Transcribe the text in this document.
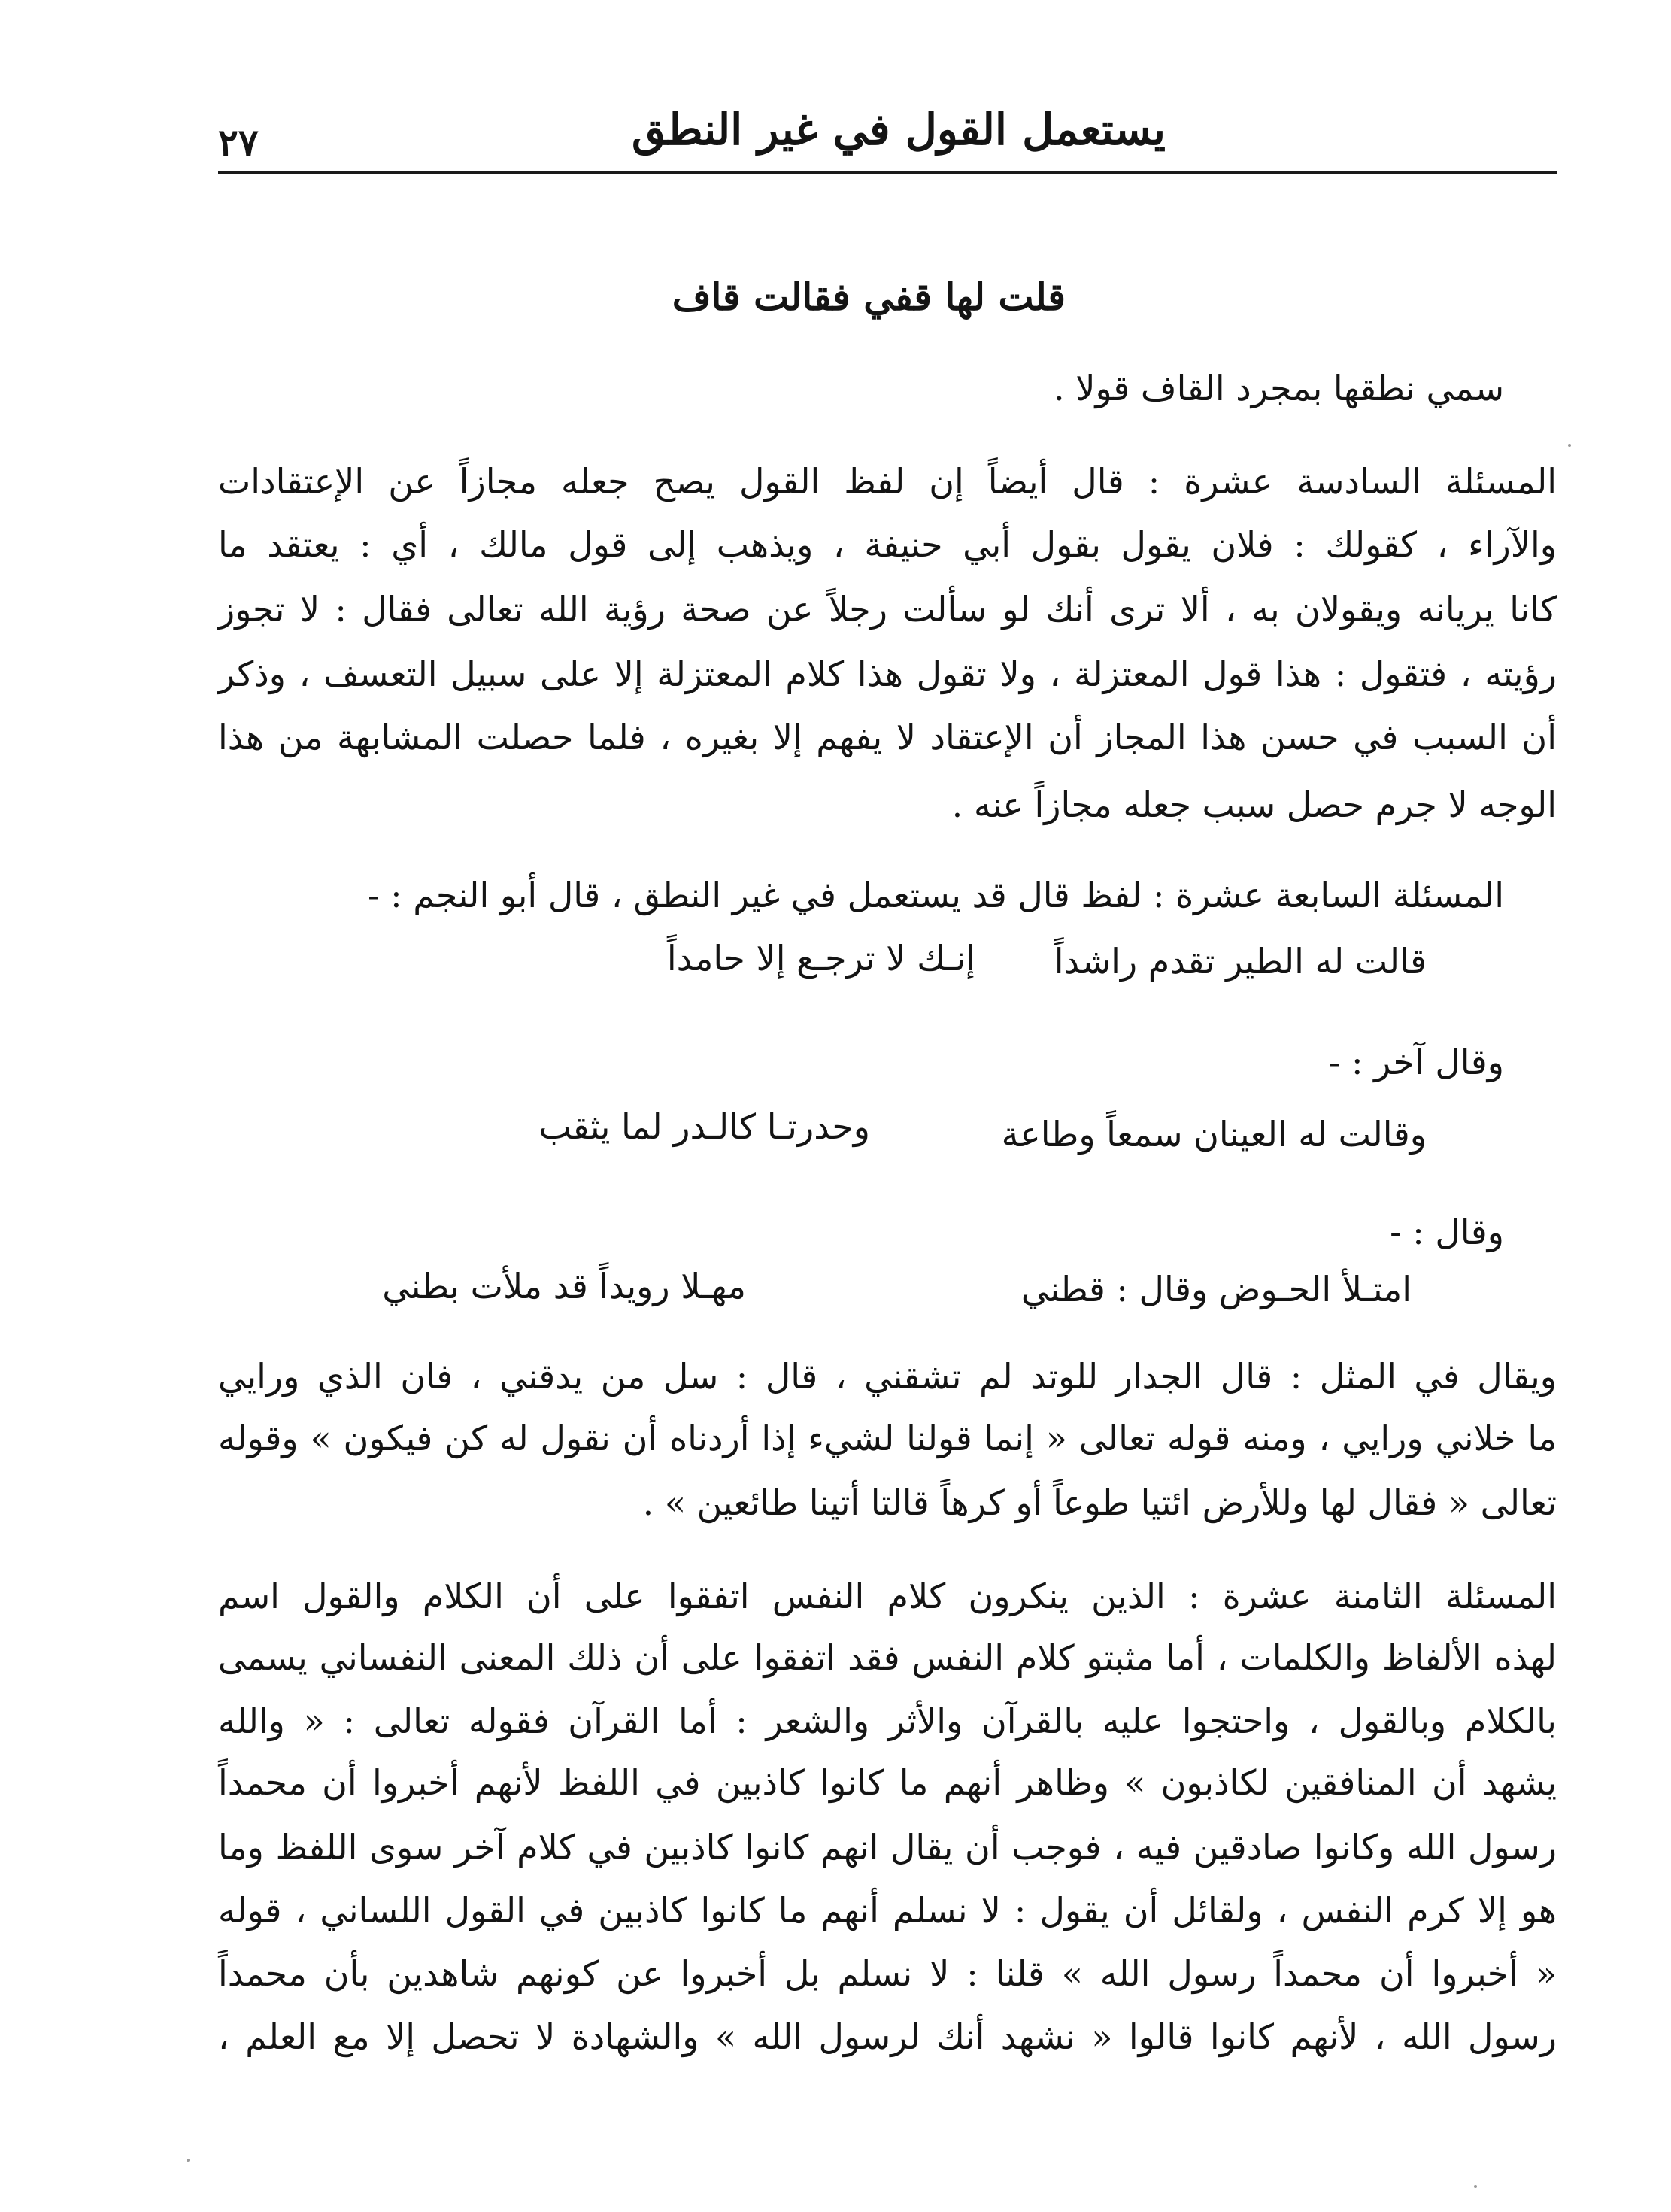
يستعمل القول في غير النطق
٢٧
قلت لها قفي فقالت قاف
سمي نطقها بمجرد القاف قولا .
المسئلة السادسة عشرة : قال أيضاً إن لفظ القول يصح جعله مجازاً عن الإعتقادات
والآراء ، كقولك : فلان يقول بقول أبي حنيفة ، ويذهب إلى قول مالك ، أي : يعتقد ما
كانا يريانه ويقولان به ، ألا ترى أنك لو سألت رجلاً عن صحة رؤية الله تعالى فقال : لا تجوز
رؤيته ، فتقول : هذا قول المعتزلة ، ولا تقول هذا كلام المعتزلة إلا على سبيل التعسف ، وذكر
أن السبب في حسن هذا المجاز أن الإعتقاد لا يفهم إلا بغيره ، فلما حصلت المشابهة من هذا
الوجه لا جرم حصل سبب جعله مجازاً عنه .
المسئلة السابعة عشرة : لفظ قال قد يستعمل في غير النطق ، قال أبو النجم : -
قالت له الطير تقدم راشداً
إنـك لا ترجـع إلا حامداً
وقال آخر : -
وقالت له العينان سمعاً وطاعة
وحدرتـا كالـدر لما يثقب
وقال : -
امتـلأ الحـوض وقال : قطني
مهـلا رويداً قد ملأت بطني
ويقال في المثل : قال الجدار للوتد لم تشقني ، قال : سل من يدقني ، فان الذي ورايي
ما خلاني ورايي ، ومنه قوله تعالى « إنما قولنا لشيء إذا أردناه أن نقول له كن فيكون » وقوله
تعالى « فقال لها وللأرض ائتيا طوعاً أو كرهاً قالتا أتينا طائعين » .
المسئلة الثامنة عشرة : الذين ينكرون كلام النفس اتفقوا على أن الكلام والقول اسم
لهذه الألفاظ والكلمات ، أما مثبتو كلام النفس فقد اتفقوا على أن ذلك المعنى النفساني يسمى
بالكلام وبالقول ، واحتجوا عليه بالقرآن والأثر والشعر : أما القرآن فقوله تعالى : « والله
يشهد أن المنافقين لكاذبون » وظاهر أنهم ما كانوا كاذبين في اللفظ لأنهم أخبروا أن محمداً
رسول الله وكانوا صادقين فيه ، فوجب أن يقال انهم كانوا كاذبين في كلام آخر سوى اللفظ وما
هو إلا كرم النفس ، ولقائل أن يقول : لا نسلم أنهم ما كانوا كاذبين في القول اللساني ، قوله
« أخبروا أن محمداً رسول الله » قلنا : لا نسلم بل أخبروا عن كونهم شاهدين بأن محمداً
رسول الله ، لأنهم كانوا قالوا « نشهد أنك لرسول الله » والشهادة لا تحصل إلا مع العلم ،
